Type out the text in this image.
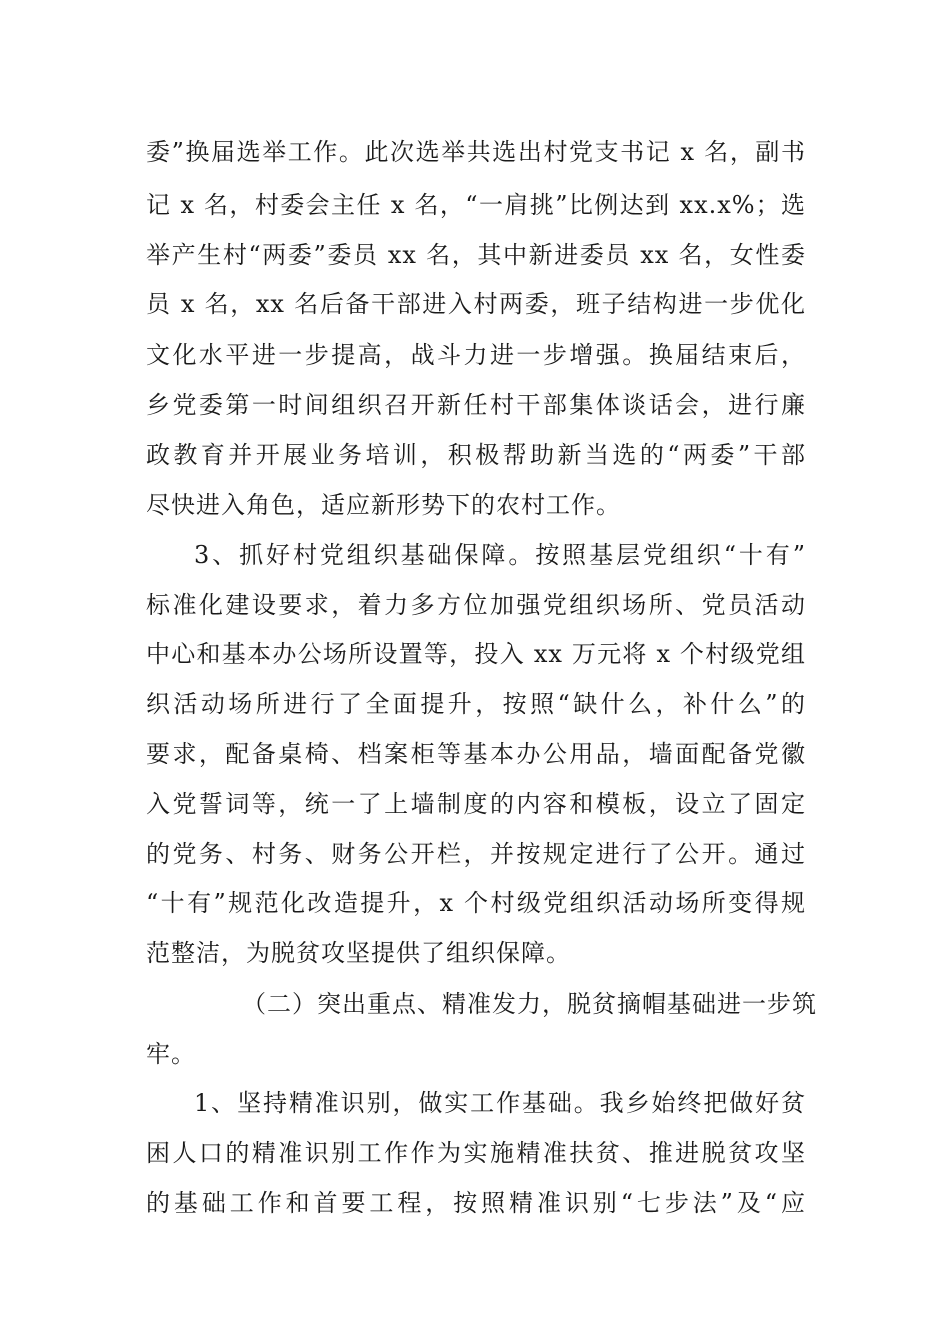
委”换届选举工作。此次选举共选出村党支书记 x 名，副书
记 x 名，村委会主任 x 名，“一肩挑”比例达到 xx.x%；选
举产生村“两委”委员 xx 名，其中新进委员 xx 名，女性委
员 x 名，xx 名后备干部进入村两委，班子结构进一步优化
文化水平进一步提高，战斗力进一步增强。换届结束后，
乡党委第一时间组织召开新任村干部集体谈话会，进行廉
政教育并开展业务培训，积极帮助新当选的“两委”干部
尽快进入角色，适应新形势下的农村工作。
3、抓好村党组织基础保障。按照基层党组织“十有”
标准化建设要求，着力多方位加强党组织场所、党员活动
中心和基本办公场所设置等，投入 xx 万元将 x 个村级党组
织活动场所进行了全面提升，按照“缺什么，补什么”的
要求，配备桌椅、档案柜等基本办公用品，墙面配备党徽
入党誓词等，统一了上墙制度的内容和模板，设立了固定
的党务、村务、财务公开栏，并按规定进行了公开。通过
“十有”规范化改造提升，x 个村级党组织活动场所变得规
范整洁，为脱贫攻坚提供了组织保障。
（二）突出重点、精准发力，脱贫摘帽基础进一步筑
牢。
1、坚持精准识别，做实工作基础。我乡始终把做好贫
困人口的精准识别工作作为实施精准扶贫、推进脱贫攻坚
的基础工作和首要工程，按照精准识别“七步法”及“应
